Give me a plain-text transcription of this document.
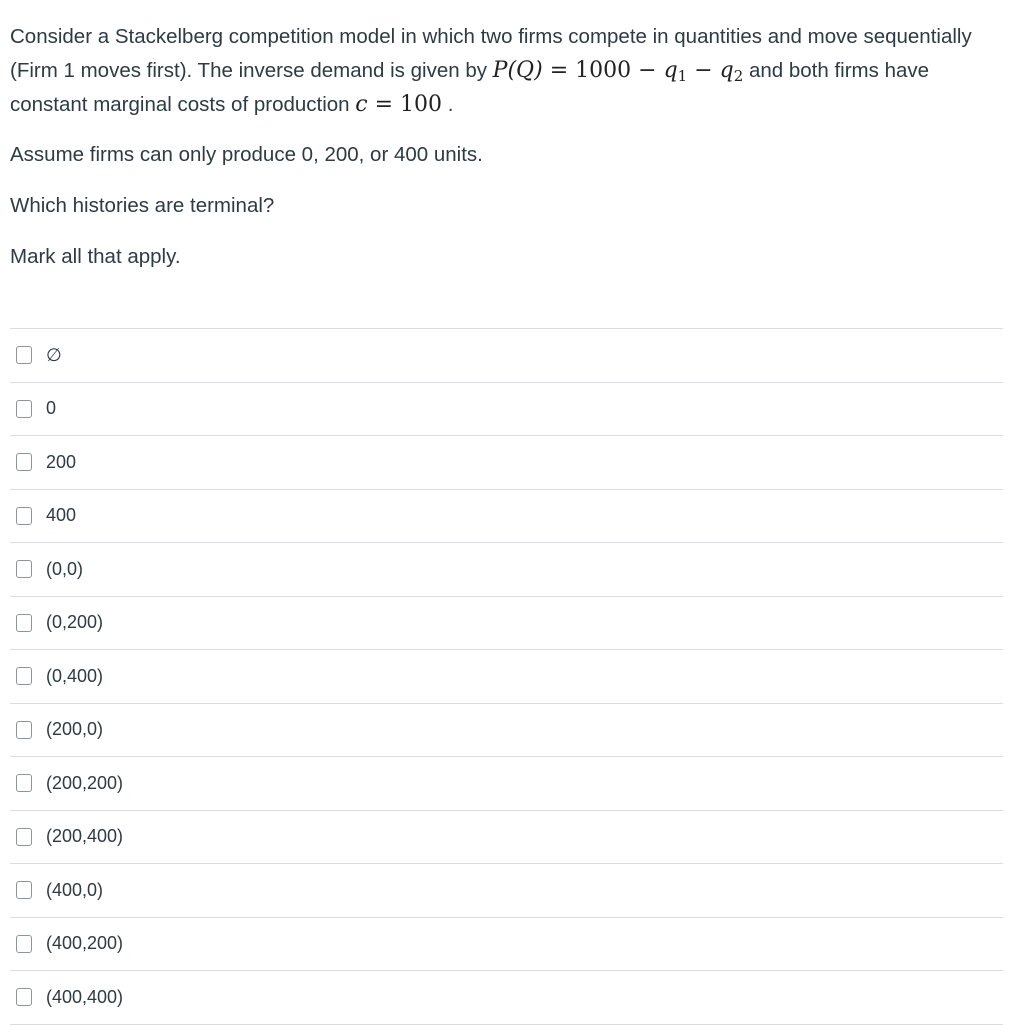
Consider a Stackelberg competition model in which two firms compete in quantities and move sequentially (Firm 1 moves first). The inverse demand is given by $P(Q) = 1000 - q_1 - q_2$ and both firms have constant marginal costs of production c = 100 .

Assume firms can only produce 0, 200, or 400 units.

Which histories are terminal?

Mark all that apply.

∅
0
200
400
(0,0)
(0,200)
(0,400)
(200,0)
(200,200)
(200,400)
(400,0)
(400,200)
(400,400)
